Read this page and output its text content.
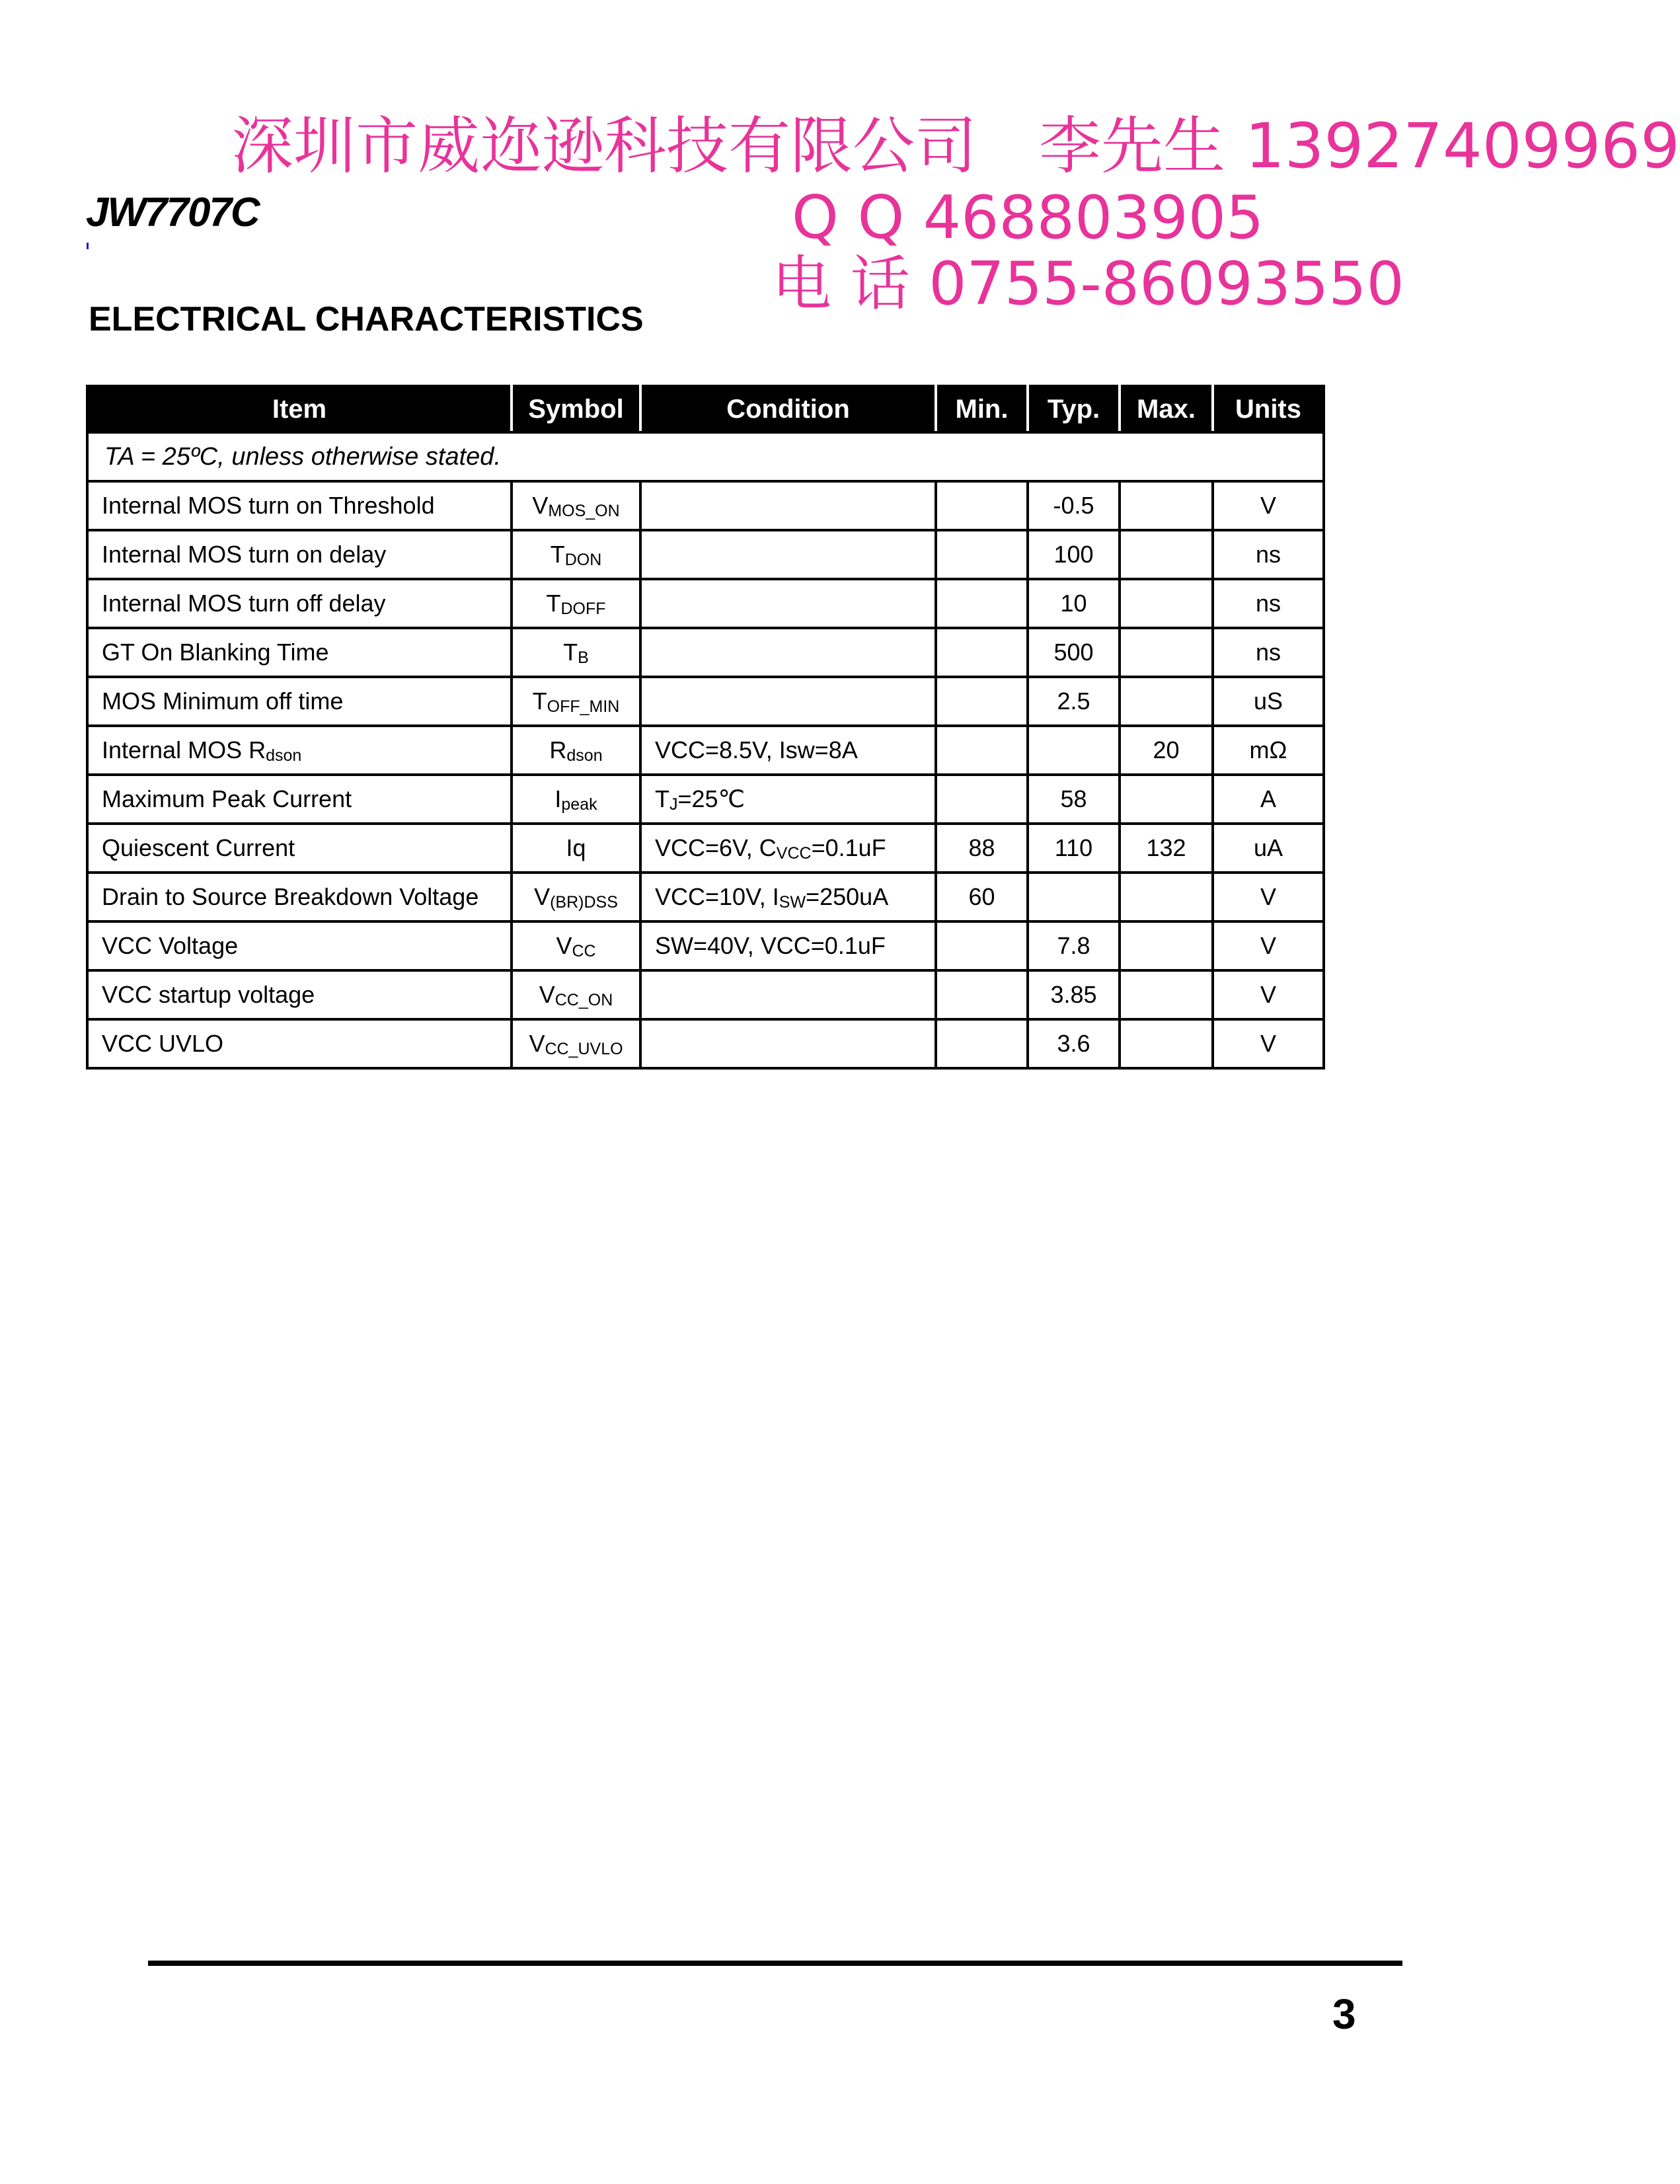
深圳市威迩逊科技有限公司　李先生 13927409969
Q Q 468803905
电 话 0755-86093550
JW7707C
ELECTRICAL CHARACTERISTICS
TA = 25ºC, unless otherwise stated.						
Item	Symbol	Condition	Min.	Typ.	Max.	Units
Internal MOS turn on Threshold	$V_{MOS\_ON}$			-0.5		V
Internal MOS turn on delay	$T_{DON}$			100		ns
Internal MOS turn off delay	$T_{DOFF}$			10		ns
GT On Blanking Time	$T_B$			500		ns
MOS Minimum off time	$T_{OFF\_MIN}$			2.5		uS
Internal MOS $R_{dson}$	$R_{dson}$	VCC=8.5V, Isw=8A			20	mΩ
Maximum Peak Current	$I_{peak}$	$T_J=25℃$		58		A
Quiescent Current	Iq	VCC=6V, $C_{VCC}=0.1uF$	88	110	132	uA
Drain to Source Breakdown Voltage	$V_{(BR)DSS}$	VCC=10V, $I_{SW}=250uA$	60			V
VCC Voltage	$V_{CC}$	SW=40V, VCC=0.1uF		7.8		V
VCC startup voltage	$V_{CC\_ON}$			3.85		V
VCC UVLO	$V_{CC\_UVLO}$			3.6		V
3
